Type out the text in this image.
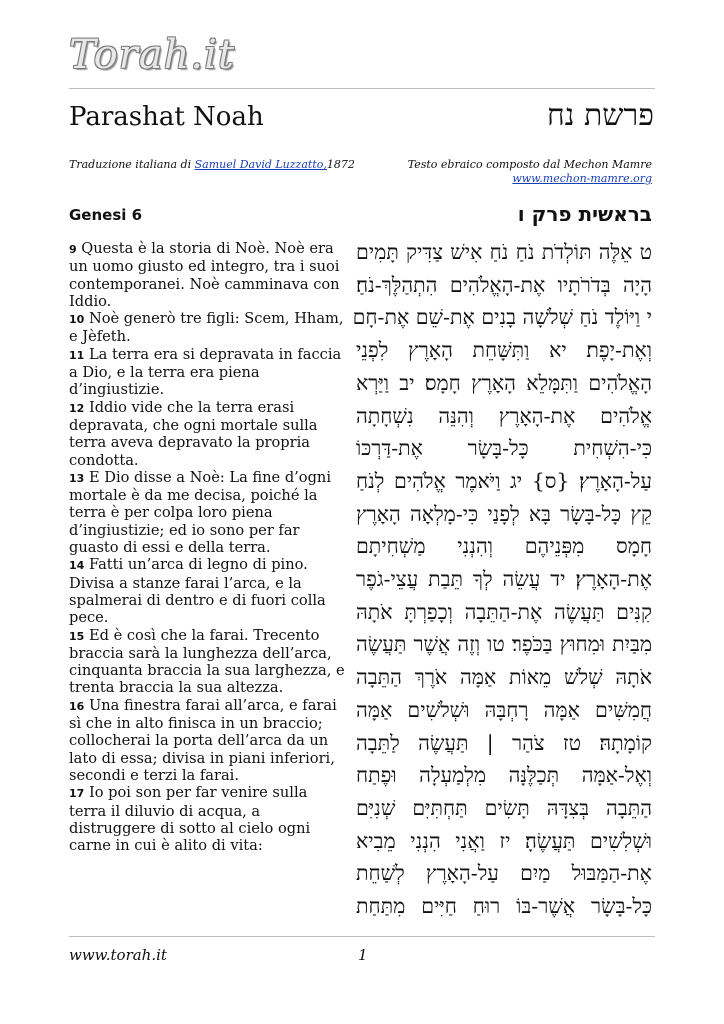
Torah.it
Parashat Noah	פרשת נח
Traduzione italiana di Samuel David Luzzatto,1872	Testo ebraico composto dal Mechon Mamre
www.mechon-mamre.org
Genesi 6	בראשית פרק ו

9 Questa è la storia di Noè. Noè era un uomo giusto ed integro, tra i suoi contemporanei. Noè camminava con Iddio.

10 Noè generò tre figli: Scem, Hham, e Jèfeth.

11 La terra era si depravata in faccia a Dio, e la terra era piena d’ingiustizie.

12 Iddio vide che la terra erasi depravata, che ogni mortale sulla terra aveva depravato la propria condotta.

13 E Dio disse a Noè: La fine d’ogni mortale è da me decisa, poiché la terra è per colpa loro piena d’ingiustizie; ed io sono per far guasto di essi e della terra.

14 Fatti un’arca di legno di pino. Divisa a stanze farai l’arca, e la spalmerai di dentro e di fuori colla pece.

15 Ed è così che la farai. Trecento braccia sarà la lunghezza dell’arca, cinquanta braccia la sua larghezza, e trenta braccia la sua altezza.

16 Una finestra farai all’arca, e farai sì che in alto finisca in un braccio; collocherai la porta dell’arca da un lato di essa; divisa in piani inferiori, secondi e terzi la farai.

17 Io poi son per far venire sulla terra il diluvio di acqua, a distruggere di sotto al cielo ogni carne in cui è alito di vita:

ט אֵלֶּה תּוֹלְדֹת נֹחַ נֹחַ אִישׁ צַדִּיק תָּמִים
הָיָה בְּדֹרֹתָיו אֶת-הָאֱלֹהִים הִתְהַלֶּךְ-נֹחַ׃
י וַיּוֹלֶד נֹחַ שְׁלֹשָׁה בָנִים אֶת-שֵׁם אֶת-חָם
וְאֶת-יָפֶת׃ יא וַתִּשָּׁחֵת הָאָרֶץ לִפְנֵי
הָאֱלֹהִים וַתִּמָּלֵא הָאָרֶץ חָמָס׃ יב וַיַּרְא
אֱלֹהִים אֶת-הָאָרֶץ וְהִנֵּה נִשְׁחָתָה
כִּי-הִשְׁחִית כָּל-בָּשָׂר אֶת-דַּרְכּוֹ
עַל-הָאָרֶץ׃ {ס} יג וַיֹּאמֶר אֱלֹהִים לְנֹחַ
קֵץ כָּל-בָּשָׂר בָּא לְפָנַי כִּי-מָלְאָה הָאָרֶץ
חָמָס מִפְּנֵיהֶם וְהִנְנִי מַשְׁחִיתָם
אֶת-הָאָרֶץ׃ יד עֲשֵׂה לְךָ תֵּבַת עֲצֵי-גֹפֶר
קִנִּים תַּעֲשֶׂה אֶת-הַתֵּבָה וְכָפַרְתָּ אֹתָהּ
מִבַּיִת וּמִחוּץ בַּכֹּפֶר׃ טו וְזֶה אֲשֶׁר תַּעֲשֶׂה
אֹתָהּ שְׁלֹשׁ מֵאוֹת אַמָּה אֹרֶךְ הַתֵּבָה
חֲמִשִּׁים אַמָּה רָחְבָּהּ וּשְׁלֹשִׁים אַמָּה
קוֹמָתָהּ׃ טז צֹהַר | תַּעֲשֶׂה לַתֵּבָה
וְאֶל-אַמָּה תְּכַלֶּנָּה מִלְמַעְלָה וּפֶתַח
הַתֵּבָה בְּצִדָּהּ תָּשִׂים תַּחְתִּיִּם שְׁנִיִּם
וּשְׁלִשִׁים תַּעֲשֶׂהָ׃ יז וַאֲנִי הִנְנִי מֵבִיא
אֶת-הַמַּבּוּל מַיִם עַל-הָאָרֶץ לְשַׁחֵת
כָּל-בָּשָׂר אֲשֶׁר-בּוֹ רוּחַ חַיִּים מִתַּחַת
www.torah.it	1
